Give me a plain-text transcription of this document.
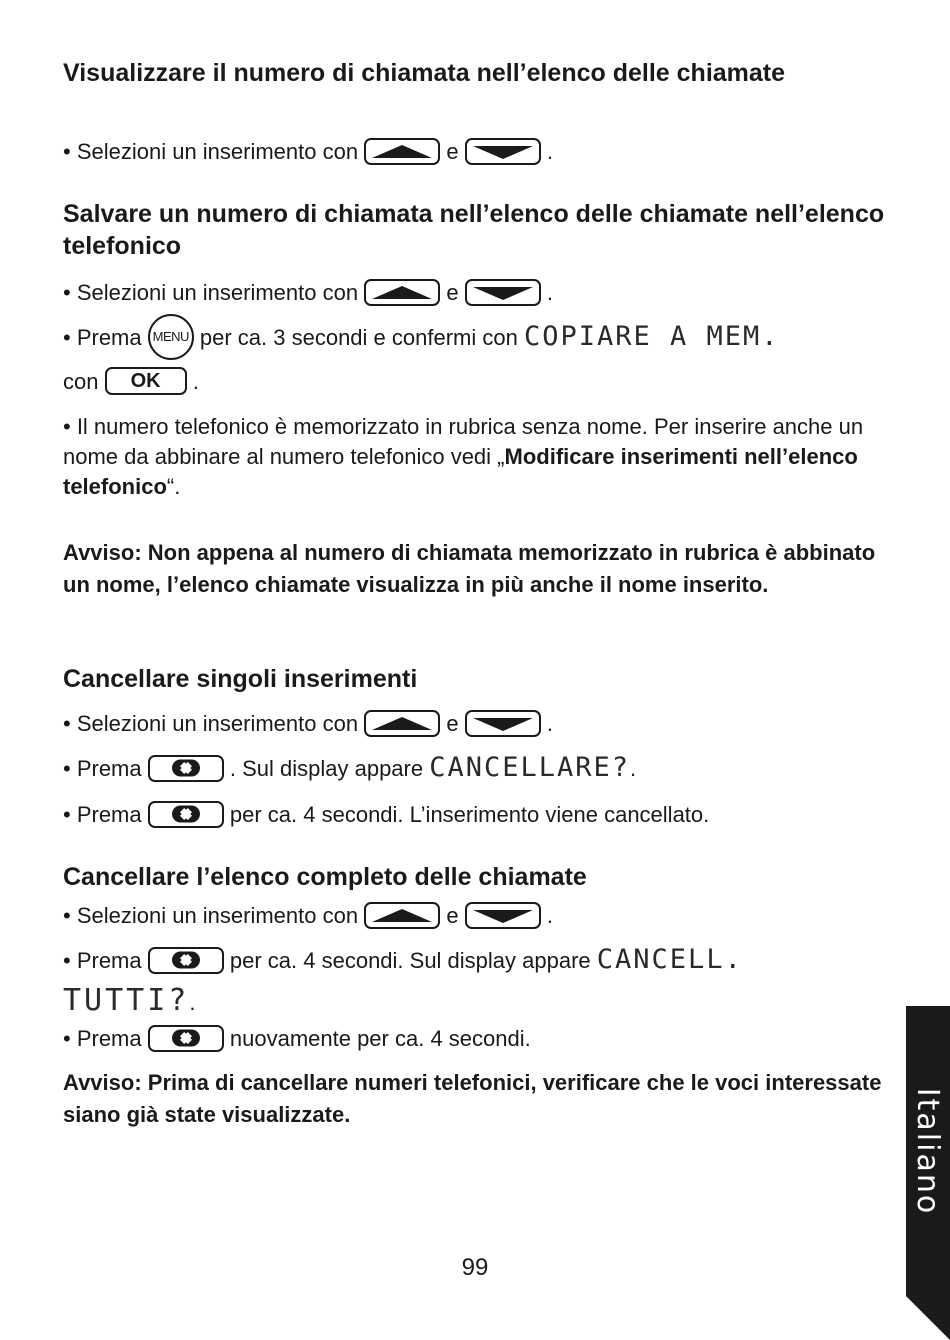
Visualizzare il numero di chiamata nell’elenco delle chiamate
• Selezioni un inserimento con	e	.
Salvare un numero di chiamata nell’elenco delle chiamate nell’elenco telefonico
• Selezioni un inserimento con	e	.
• Prema MENU per ca. 3 secondi e confermi con COPIARE A MEM.
con OK .
• Il numero telefonico è memorizzato in rubrica senza nome. Per inserire anche un nome da abbinare al numero telefonico vedi „Modificare inserimenti nell’elenco telefonico“.
Avviso: Non appena al numero di chiamata memorizzato in rubrica è abbinato un nome, l’elenco chiamate visualizza in più anche il nome inserito.
Cancellare singoli inserimenti
• Selezioni un inserimento con	e	.
• Prema	. Sul display appare CANCELLARE?.
• Prema	per ca. 4 secondi. L’inserimento viene cancellato.
Cancellare l’elenco completo delle chiamate
• Selezioni un inserimento con	e	.
• Prema	per ca. 4 secondi. Sul display appare CANCELL.
TUTTI?.
• Prema	nuovamente per ca. 4 secondi.
Avviso: Prima di cancellare numeri telefonici, verificare che le voci interessate siano già state visualizzate.
99
Italiano
